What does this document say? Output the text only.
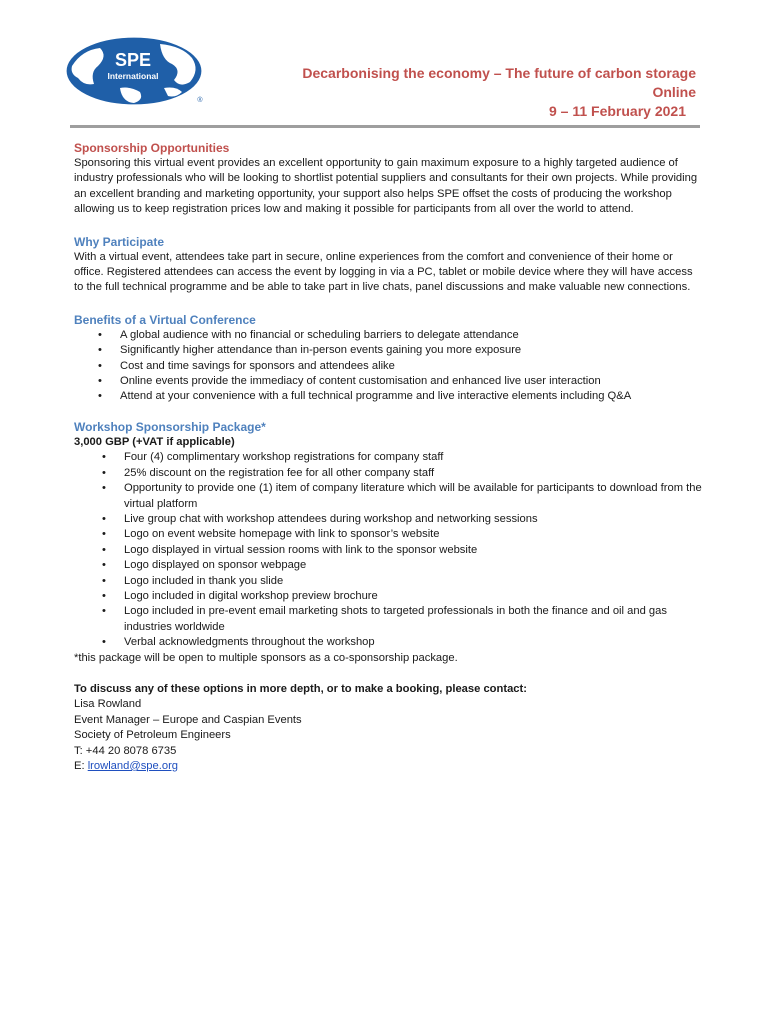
SPE
International
®
Decarbonising the economy – The future of carbon storage
Online
9 – 11 February 2021
Sponsorship Opportunities

Sponsoring this virtual event provides an excellent opportunity to gain maximum exposure to a highly targeted audience of industry professionals who will be looking to shortlist potential suppliers and consultants for their own projects. While providing an excellent branding and marketing opportunity, your support also helps SPE offset the costs of producing the workshop allowing us to keep registration prices low and making it possible for participants from all over the world to attend.

Why Participate

With a virtual event, attendees take part in secure, online experiences from the comfort and convenience of their home or office. Registered attendees can access the event by logging in via a PC, tablet or mobile device where they will have access to the full technical programme and be able to take part in live chats, panel discussions and make valuable new connections.

Benefits of a Virtual Conference
• A global audience with no financial or scheduling barriers to delegate attendance
• Significantly higher attendance than in-person events gaining you more exposure
• Cost and time savings for sponsors and attendees alike
• Online events provide the immediacy of content customisation and enhanced live user interaction
• Attend at your convenience with a full technical programme and live interactive elements including Q&A
Workshop Sponsorship Package*
3,000 GBP (+VAT if applicable)
• Four (4) complimentary workshop registrations for company staff
• 25% discount on the registration fee for all other company staff
• Opportunity to provide one (1) item of company literature which will be available for participants to download from the virtual platform
• Live group chat with workshop attendees during workshop and networking sessions
• Logo on event website homepage with link to sponsor’s website
• Logo displayed in virtual session rooms with link to the sponsor website
• Logo displayed on sponsor webpage
• Logo included in thank you slide
• Logo included in digital workshop preview brochure
• Logo included in pre-event email marketing shots to targeted professionals in both the finance and oil and gas industries worldwide
• Verbal acknowledgments throughout the workshop

*this package will be open to multiple sponsors as a co-sponsorship package.

To discuss any of these options in more depth, or to make a booking, please contact:
Lisa Rowland
Event Manager – Europe and Caspian Events
Society of Petroleum Engineers
T: +44 20 8078 6735
E: lrowland@spe.org
